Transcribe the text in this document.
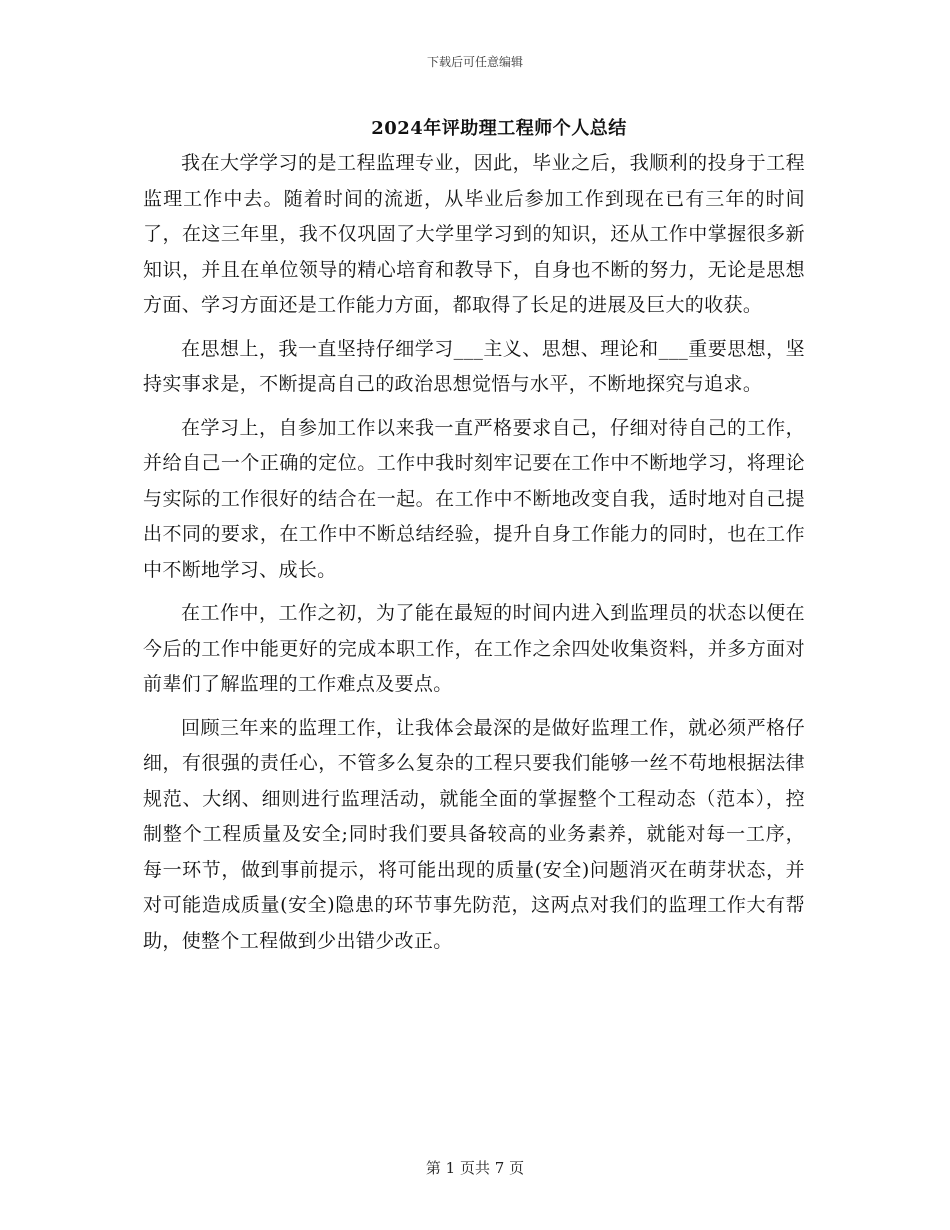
下载后可任意编辑
2024年评助理工程师个人总结

我在大学学习的是工程监理专业，因此，毕业之后，我顺利的投身于工程监理工作中去。随着时间的流逝，从毕业后参加工作到现在已有三年的时间了，在这三年里，我不仅巩固了大学里学习到的知识，还从工作中掌握很多新知识，并且在单位领导的精心培育和教导下，自身也不断的努力，无论是思想方面、学习方面还是工作能力方面，都取得了长足的进展及巨大的收获。

在思想上，我一直坚持仔细学习___主义、思想、理论和___重要思想，坚持实事求是，不断提高自己的政治思想觉悟与水平，不断地探究与追求。

在学习上，自参加工作以来我一直严格要求自己，仔细对待自己的工作，并给自己一个正确的定位。工作中我时刻牢记要在工作中不断地学习，将理论与实际的工作很好的结合在一起。在工作中不断地改变自我，适时地对自己提出不同的要求，在工作中不断总结经验，提升自身工作能力的同时，也在工作中不断地学习、成长。

在工作中，工作之初，为了能在最短的时间内进入到监理员的状态以便在今后的工作中能更好的完成本职工作，在工作之余四处收集资料，并多方面对前辈们了解监理的工作难点及要点。

回顾三年来的监理工作，让我体会最深的是做好监理工作，就必须严格仔细，有很强的责任心，不管多么复杂的工程只要我们能够一丝不苟地根据法律规范、大纲、细则进行监理活动，就能全面的掌握整个工程动态（范本），控制整个工程质量及安全;同时我们要具备较高的业务素养，就能对每一工序，每一环节，做到事前提示，将可能出现的质量(安全)问题消灭在萌芽状态，并对可能造成质量(安全)隐患的环节事先防范，这两点对我们的监理工作大有帮助，使整个工程做到少出错少改正。

第 1 页共 7 页
